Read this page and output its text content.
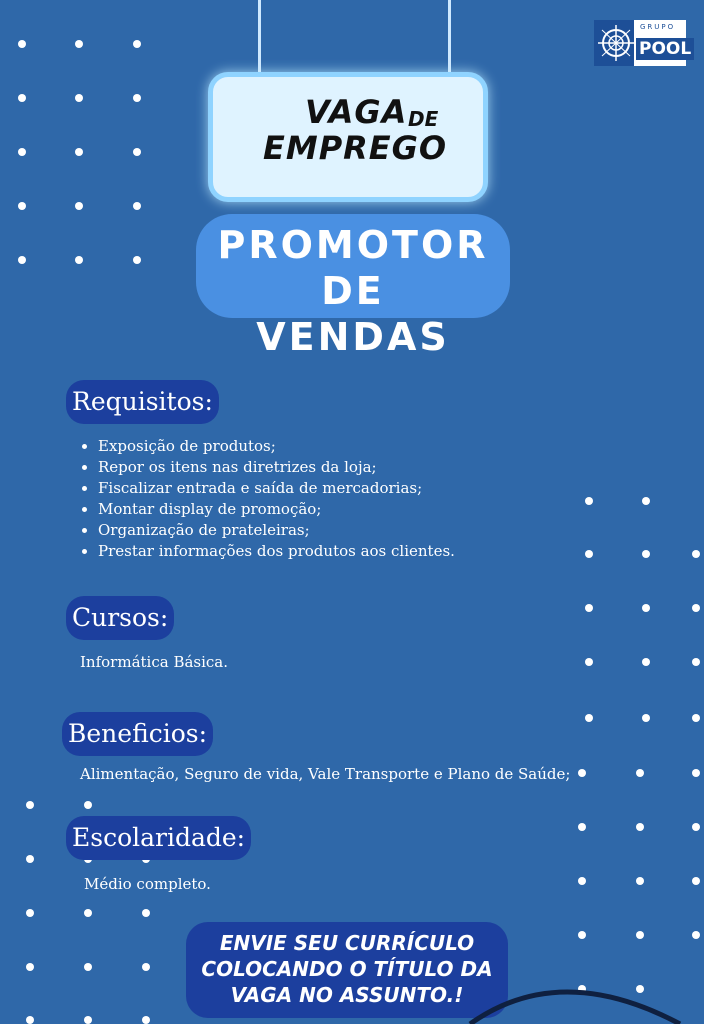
GRUPO
POOL
VAGA DE
EMPREGO
PROMOTOR DE
VENDAS
Requisitos:
• Exposição de produtos;
• Repor os itens nas diretrizes da loja;
• Fiscalizar entrada e saída de mercadorias;
• Montar display de promoção;
• Organização de prateleiras;
• Prestar informações dos produtos aos clientes.
Cursos:
Informática Básica.
Beneficios:
Alimentação, Seguro de vida, Vale Transporte e Plano de Saúde;
Escolaridade:
Médio completo.
ENVIE SEU CURRÍCULO
COLOCANDO O TÍTULO DA
VAGA NO ASSUNTO.!
